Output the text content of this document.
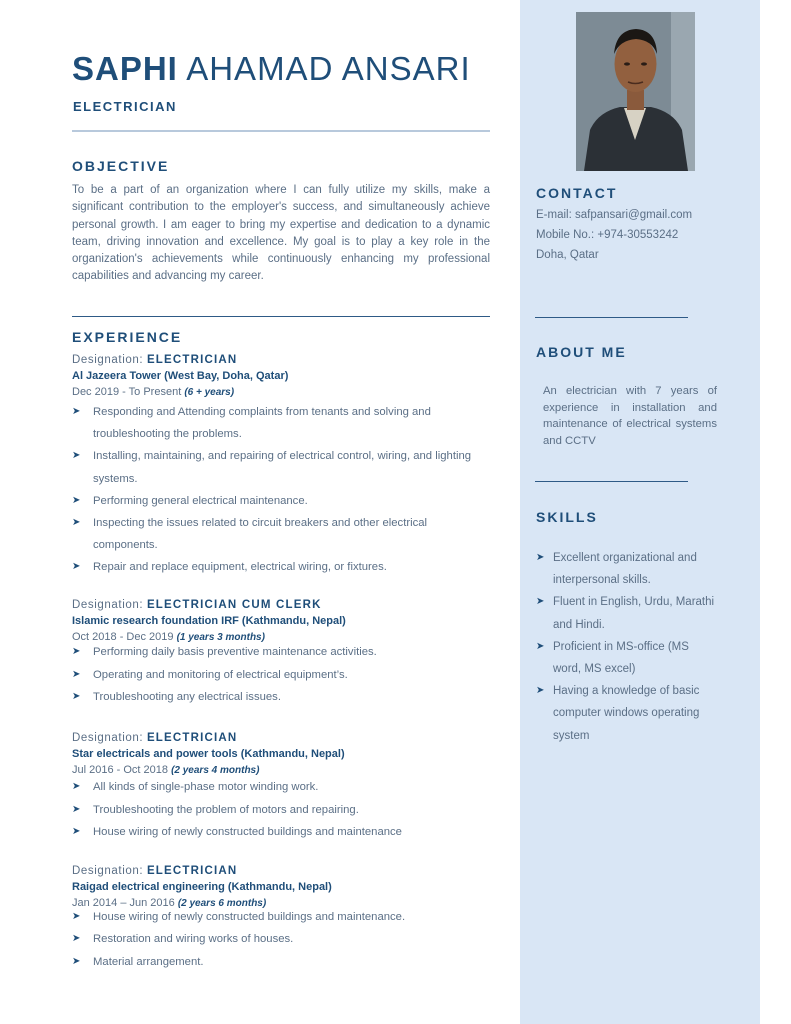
SAPHI AHAMAD ANSARI
ELECTRICIAN
OBJECTIVE
To be a part of an organization where I can fully utilize my skills, make a significant contribution to the employer's success, and simultaneously achieve personal growth. I am eager to bring my expertise and dedication to a dynamic team, driving innovation and excellence. My goal is to play a key role in the organization's achievements while continuously enhancing my professional capabilities and advancing my career.
EXPERIENCE
Designation: ELECTRICIAN
Al Jazeera Tower (West Bay, Doha, Qatar)
Dec 2019 - To Present (6 + years)
➤ Responding and Attending complaints from tenants and solving and troubleshooting the problems.
➤ Installing, maintaining, and repairing of electrical control, wiring, and lighting systems.
➤ Performing general electrical maintenance.
➤ Inspecting the issues related to circuit breakers and other electrical components.
➤ Repair and replace equipment, electrical wiring, or fixtures.
Designation: ELECTRICIAN CUM CLERK
Islamic research foundation IRF (Kathmandu, Nepal)
Oct 2018 - Dec 2019 (1 years 3 months)
➤ Performing daily basis preventive maintenance activities.
➤ Operating and monitoring of electrical equipment’s.
➤ Troubleshooting any electrical issues.
Designation: ELECTRICIAN
Star electricals and power tools (Kathmandu, Nepal)
Jul 2016 - Oct 2018 (2 years 4 months)
➤ All kinds of single-phase motor winding work.
➤ Troubleshooting the problem of motors and repairing.
➤ House wiring of newly constructed buildings and maintenance
Designation: ELECTRICIAN
Raigad electrical engineering (Kathmandu, Nepal)
Jan 2014 – Jun 2016 (2 years 6 months)
➤ House wiring of newly constructed buildings and maintenance.
➤ Restoration and wiring works of houses.
➤ Material arrangement.
CONTACT
E-mail: safpansari@gmail.com
Mobile No.: +974-30553242
Doha, Qatar
ABOUT ME
An electrician with 7 years of experience in installation and maintenance of electrical systems and CCTV
SKILLS
➤ Excellent organizational and interpersonal skills.
➤ Fluent in English, Urdu, Marathi and Hindi.
➤ Proficient in MS-office (MS word, MS excel)
➤ Having a knowledge of basic computer windows operating system
